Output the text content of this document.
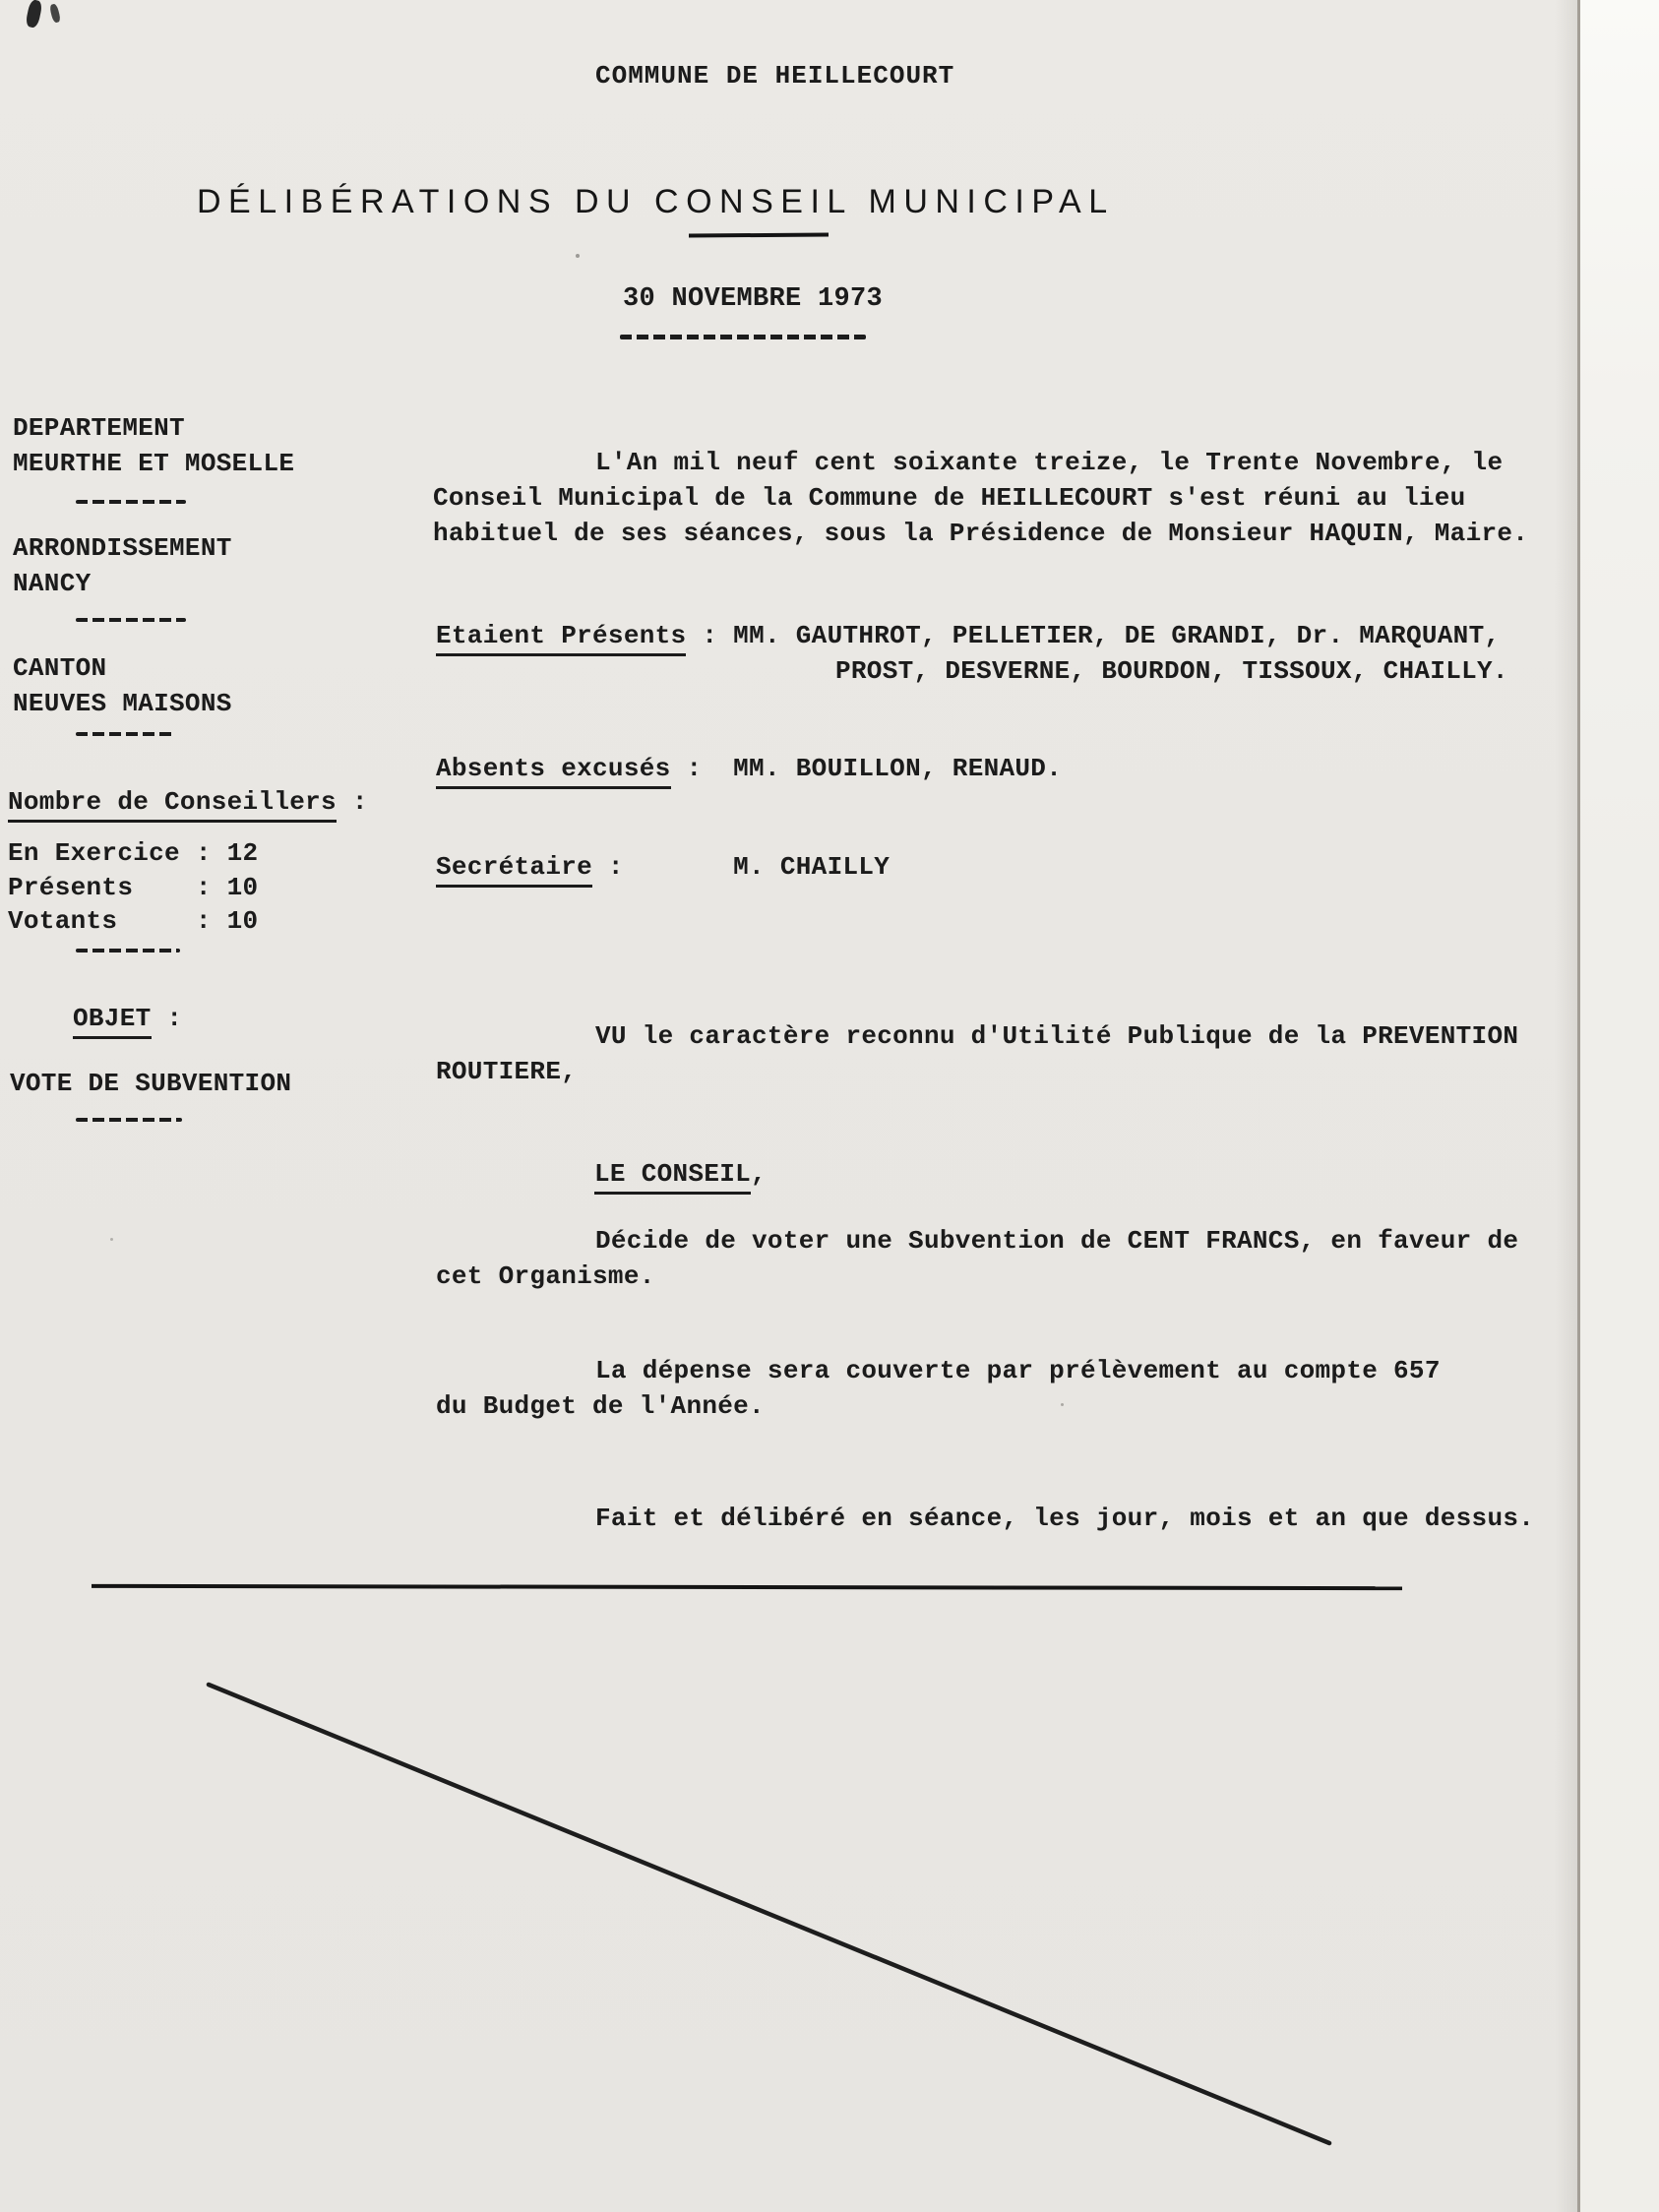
COMMUNE DE HEILLECOURT
DÉLIBÉRATIONS DU CONSEIL MUNICIPAL
30 NOVEMBRE 1973
DEPARTEMENT
MEURTHE ET MOSELLE
ARRONDISSEMENT
NANCY
CANTON
NEUVES MAISONS
Nombre de Conseillers :
En Exercice : 12
Présents    : 10
Votants     : 10
OBJET :
VOTE DE SUBVENTION
L'An mil neuf cent soixante treize, le Trente Novembre, le
Conseil Municipal de la Commune de HEILLECOURT s'est réuni au lieu
habituel de ses séances, sous la Présidence de Monsieur HAQUIN, Maire.
Etaient Présents : MM. GAUTHROT, PELLETIER, DE GRANDI, Dr. MARQUANT,
PROST, DESVERNE, BOURDON, TISSOUX, CHAILLY.
Absents excusés :  MM. BOUILLON, RENAUD.
Secrétaire :       M. CHAILLY
VU le caractère reconnu d'Utilité Publique de la PREVENTION
ROUTIERE,
LE CONSEIL,
Décide de voter une Subvention de CENT FRANCS, en faveur de
cet Organisme.
La dépense sera couverte par prélèvement au compte 657
du Budget de l'Année.
Fait et délibéré en séance, les jour, mois et an que dessus.
